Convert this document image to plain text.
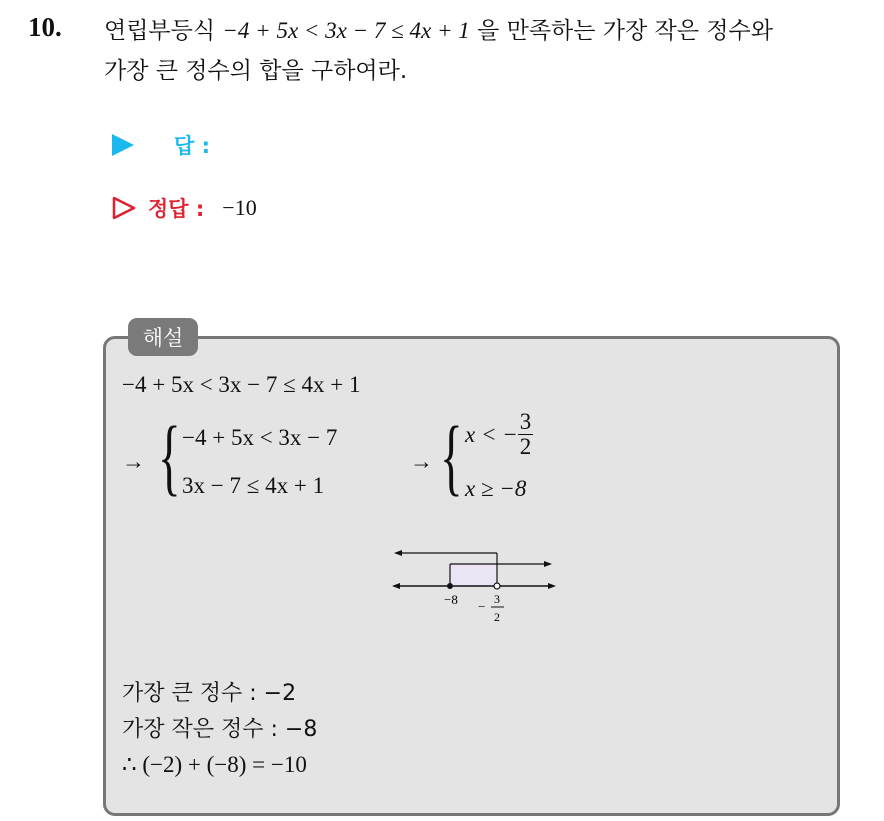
10. 연립부등식 −4 + 5x < 3x − 7 ≤ 4x + 1 을 만족하는 가장 작은 정수와
가장 큰 정수의 합을 구하여라.
답 :
정답 : −10
해설
−4 + 5x < 3x − 7 ≤ 4x + 1
→ { −4 + 5x < 3x − 7
3x − 7 ≤ 4x + 1
→ { x < − $\frac{3}{2}$
x ≥ −8
−8 − 3
2
가장 큰 정수 : −2
가장 작은 정수 : −8
∴ (−2) + (−8) = −10
